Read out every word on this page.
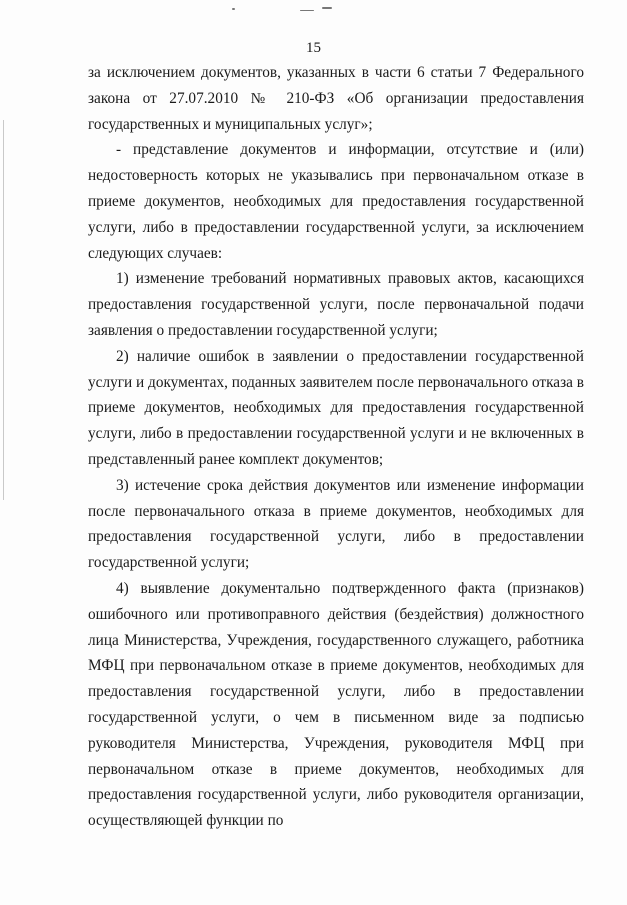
15

за исключением документов, указанных в части 6 статьи 7 Федерального закона от 27.07.2010 № 210-ФЗ «Об организации предоставления государственных и муниципальных услуг»;

- представление документов и информации, отсутствие и (или) недостоверность которых не указывались при первоначальном отказе в приеме документов, необходимых для предоставления государственной услуги, либо в предоставлении государственной услуги, за исключением следующих случаев:

1) изменение требований нормативных правовых актов, касающихся предоставления государственной услуги, после первоначальной подачи заявления о предоставлении государственной услуги;

2) наличие ошибок в заявлении о предоставлении государственной услуги и документах, поданных заявителем после первоначального отказа в приеме документов, необходимых для предоставления государственной услуги, либо в предоставлении государственной услуги и не включенных в представленный ранее комплект документов;

3) истечение срока действия документов или изменение информации после первоначального отказа в приеме документов, необходимых для предоставления государственной услуги, либо в предоставлении государственной услуги;

4) выявление документально подтвержденного факта (признаков) ошибочного или противоправного действия (бездействия) должностного лица Министерства, Учреждения, государственного служащего, работника МФЦ при первоначальном отказе в приеме документов, необходимых для предоставления государственной услуги, либо в предоставлении государственной услуги, о чем в письменном виде за подписью руководителя Министерства, Учреждения, руководителя МФЦ при первоначальном отказе в приеме документов, необходимых для предоставления государственной услуги, либо руководителя организации, осуществляющей функции по
